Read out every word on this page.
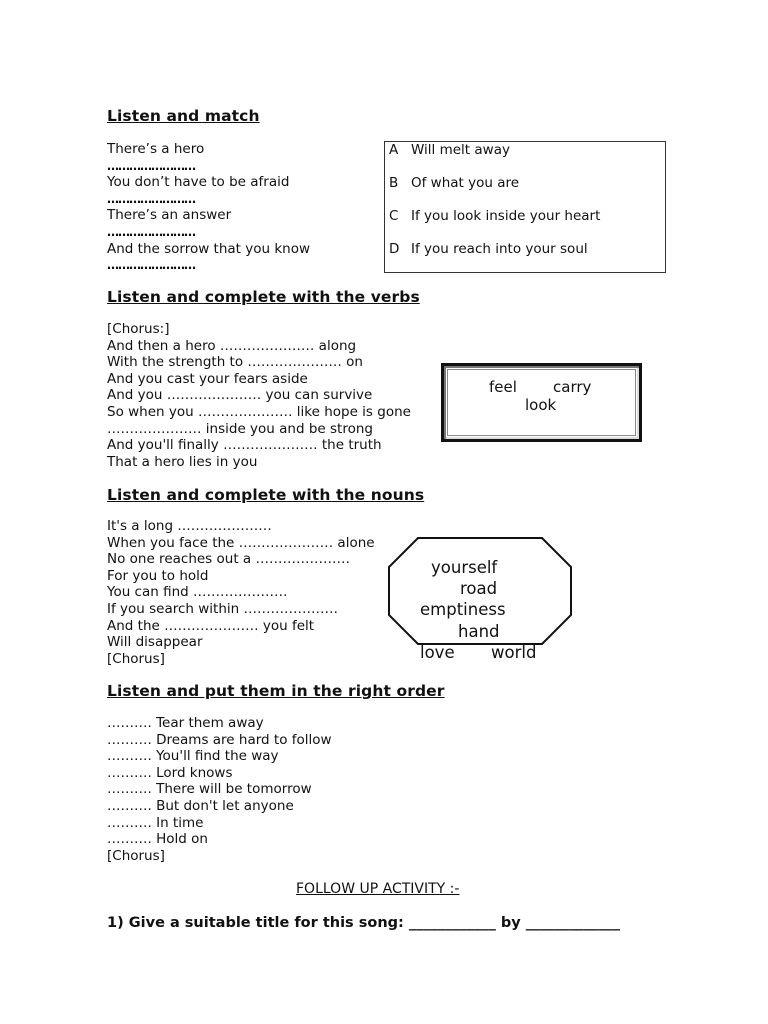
Listen and match
There’s a hero
……………………
You don’t have to be afraid
……………………
There’s an answer
……………………
And the sorrow that you know
……………………
A Will melt away
B Of what you are
C If you look inside your heart
D If you reach into your soul
Listen and complete with the verbs
[Chorus:]
And then a hero ………………… along
With the strength to ………………… on
And you cast your fears aside
And you ………………… you can survive
So when you ………………… like hope is gone
………………… inside you and be strong
And you'll finally ………………… the truth
That a hero lies in you
feel carry
look
Listen and complete with the nouns
It's a long …………………
When you face the ………………… alone
No one reaches out a …………………
For you to hold
You can find …………………
If you search within …………………
And the ………………… you felt
Will disappear
[Chorus]
yourself
road
emptiness
hand
love world
Listen and put them in the right order
………. Tear them away
………. Dreams are hard to follow
………. You'll find the way
………. Lord knows
………. There will be tomorrow
………. But don't let anyone
………. In time
………. Hold on
[Chorus]
FOLLOW UP ACTIVITY :-
1) Give a suitable title for this song: ____________ by _____________
